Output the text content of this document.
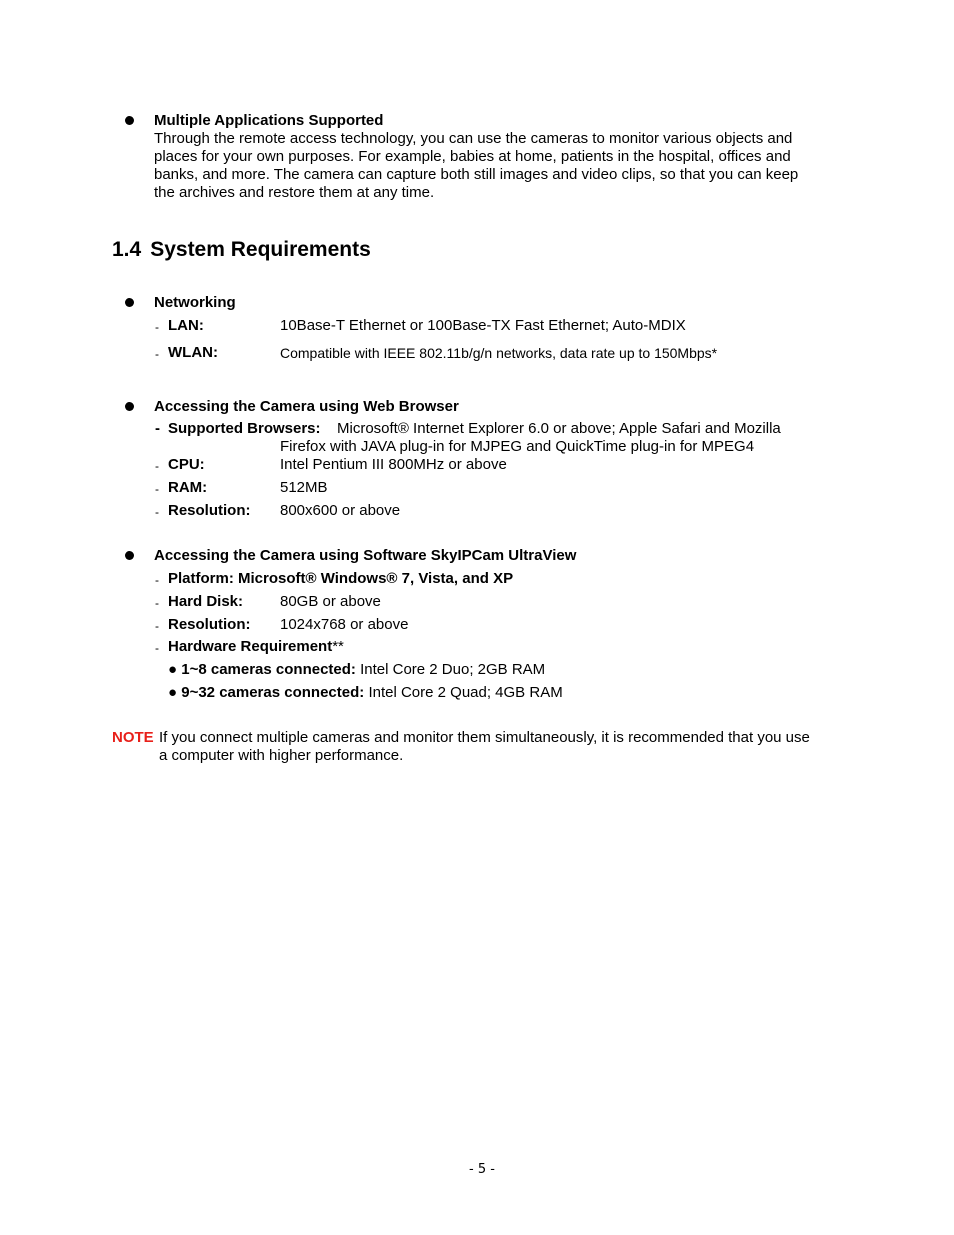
Multiple Applications Supported
Through the remote access technology, you can use the cameras to monitor various objects and
places for your own purposes. For example, babies at home, patients in the hospital, offices and
banks, and more. The camera can capture both still images and video clips, so that you can keep
the archives and restore them at any time.
1.4 System Requirements
Networking
- LAN:	10Base-T Ethernet or 100Base-TX Fast Ethernet; Auto-MDIX
- WLAN:	Compatible with IEEE 802.11b/g/n networks, data rate up to 150Mbps*
Accessing the Camera using Web Browser
- Supported Browsers: Microsoft® Internet Explorer 6.0 or above; Apple Safari and Mozilla
Firefox with JAVA plug-in for MJPEG and QuickTime plug-in for MPEG4
- CPU:	Intel Pentium III 800MHz or above
- RAM:	512MB
- Resolution: 800x600 or above
Accessing the Camera using Software SkyIPCam UltraView
- Platform: Microsoft® Windows® 7, Vista, and XP
- Hard Disk: 80GB or above
- Resolution: 1024x768 or above
- Hardware Requirement**
● 1~8 cameras connected: Intel Core 2 Duo; 2GB RAM
● 9~32 cameras connected: Intel Core 2 Quad; 4GB RAM
NOTE If you connect multiple cameras and monitor them simultaneously, it is recommended that you use
a computer with higher performance.
- 5 -
